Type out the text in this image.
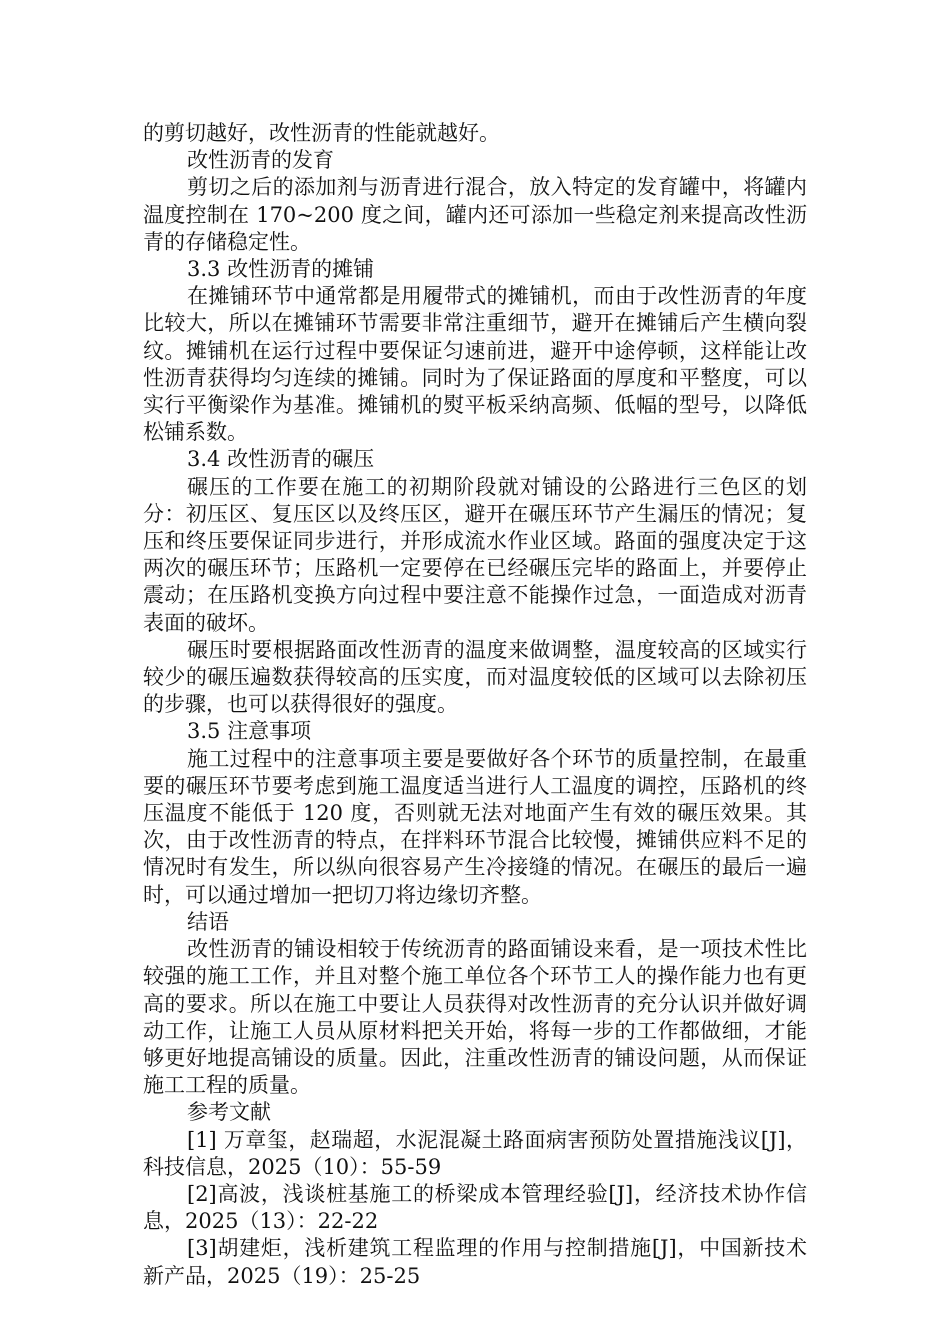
的剪切越好，改性沥青的性能就越好。

改性沥青的发育

剪切之后的添加剂与沥青进行混合，放入特定的发育罐中，将罐内温度控制在 170~200 度之间，罐内还可添加一些稳定剂来提高改性沥青的存储稳定性。

3.3 改性沥青的摊铺

在摊铺环节中通常都是用履带式的摊铺机，而由于改性沥青的年度比较大，所以在摊铺环节需要非常注重细节，避开在摊铺后产生横向裂纹。摊铺机在运行过程中要保证匀速前进，避开中途停顿，这样能让改性沥青获得均匀连续的摊铺。同时为了保证路面的厚度和平整度，可以实行平衡梁作为基准。摊铺机的熨平板采纳高频、低幅的型号，以降低松铺系数。

3.4 改性沥青的碾压

碾压的工作要在施工的初期阶段就对铺设的公路进行三色区的划分：初压区、复压区以及终压区，避开在碾压环节产生漏压的情况；复压和终压要保证同步进行，并形成流水作业区域。路面的强度决定于这两次的碾压环节；压路机一定要停在已经碾压完毕的路面上，并要停止震动；在压路机变换方向过程中要注意不能操作过急，一面造成对沥青表面的破坏。

碾压时要根据路面改性沥青的温度来做调整，温度较高的区域实行较少的碾压遍数获得较高的压实度，而对温度较低的区域可以去除初压的步骤，也可以获得很好的强度。

3.5 注意事项

施工过程中的注意事项主要是要做好各个环节的质量控制，在最重要的碾压环节要考虑到施工温度适当进行人工温度的调控，压路机的终压温度不能低于 120 度，否则就无法对地面产生有效的碾压效果。其次，由于改性沥青的特点，在拌料环节混合比较慢，摊铺供应料不足的情况时有发生，所以纵向很容易产生冷接缝的情况。在碾压的最后一遍时，可以通过增加一把切刀将边缘切齐整。

结语

改性沥青的铺设相较于传统沥青的路面铺设来看，是一项技术性比较强的施工工作，并且对整个施工单位各个环节工人的操作能力也有更高的要求。所以在施工中要让人员获得对改性沥青的充分认识并做好调动工作，让施工人员从原材料把关开始，将每一步的工作都做细，才能够更好地提高铺设的质量。因此，注重改性沥青的铺设问题，从而保证施工工程的质量。

参考文献

[1] 万章玺，赵瑞超，水泥混凝土路面病害预防处置措施浅议[J]，科技信息，2025（10）：55-59

[2]高波，浅谈桩基施工的桥梁成本管理经验[J]，经济技术协作信息，2025（13）：22-22

[3]胡建炬，浅析建筑工程监理的作用与控制措施[J]，中国新技术新产品，2025（19）：25-25
